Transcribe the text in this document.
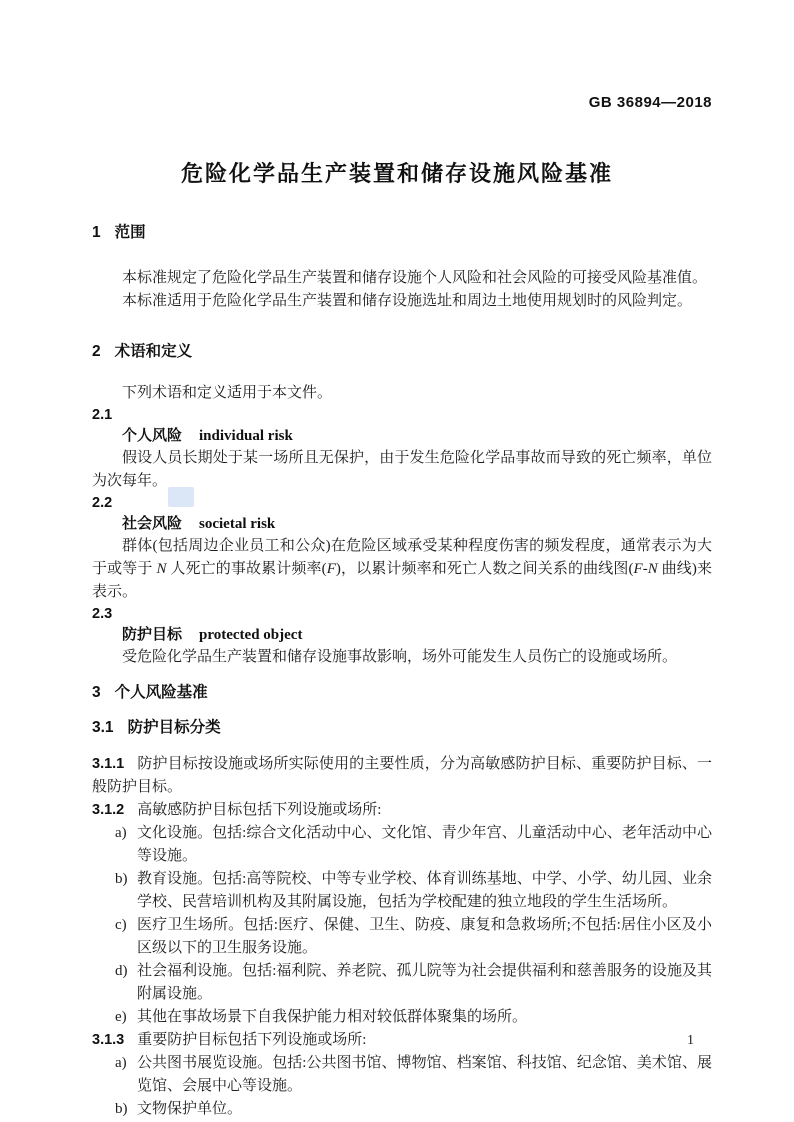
GB 36894—2018
危险化学品生产装置和储存设施风险基准
1 范围

本标准规定了危险化学品生产装置和储存设施个人风险和社会风险的可接受风险基准值。

本标准适用于危险化学品生产装置和储存设施选址和周边土地使用规划时的风险判定。

2 术语和定义

下列术语和定义适用于本文件。

2.1
个人风险 individual risk

假设人员长期处于某一场所且无保护，由于发生危险化学品事故而导致的死亡频率，单位为次每年。

2.2
社会风险 societal risk

群体(包括周边企业员工和公众)在危险区域承受某种程度伤害的频发程度，通常表示为大于或等于 N 人死亡的事故累计频率(F)，以累计频率和死亡人数之间关系的曲线图(F-N 曲线)来表示。

2.3
防护目标 protected object

受危险化学品生产装置和储存设施事故影响，场外可能发生人员伤亡的设施或场所。

3 个人风险基准
3.1 防护目标分类

3.1.1 防护目标按设施或场所实际使用的主要性质，分为高敏感防护目标、重要防护目标、一般防护目标。

3.1.2 高敏感防护目标包括下列设施或场所:

a) 文化设施。包括:综合文化活动中心、文化馆、青少年宫、儿童活动中心、老年活动中心等设施。
b) 教育设施。包括:高等院校、中等专业学校、体育训练基地、中学、小学、幼儿园、业余学校、民营培训机构及其附属设施，包括为学校配建的独立地段的学生生活场所。
c) 医疗卫生场所。包括:医疗、保健、卫生、防疫、康复和急救场所;不包括:居住小区及小区级以下的卫生服务设施。
d) 社会福利设施。包括:福利院、养老院、孤儿院等为社会提供福利和慈善服务的设施及其附属设施。
e) 其他在事故场景下自我保护能力相对较低群体聚集的场所。

3.1.3 重要防护目标包括下列设施或场所:

a) 公共图书展览设施。包括:公共图书馆、博物馆、档案馆、科技馆、纪念馆、美术馆、展览馆、会展中心等设施。
b) 文物保护单位。
1
